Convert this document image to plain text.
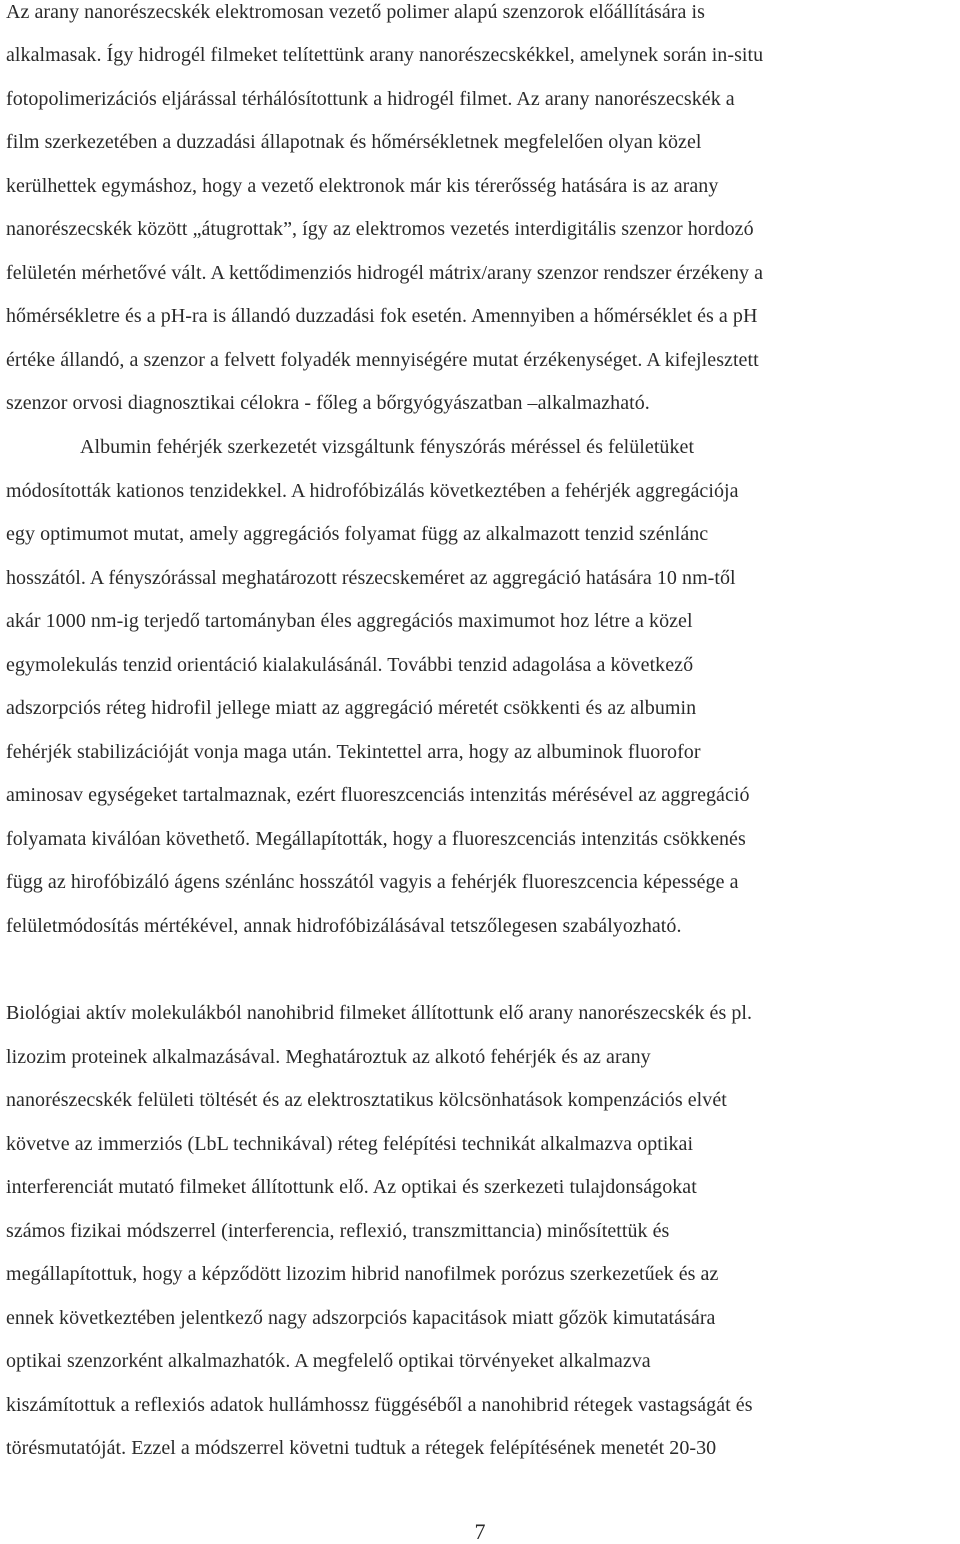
Az arany nanorészecskék elektromosan vezető polimer alapú szenzorok előállítására is
alkalmasak. Így hidrogél filmeket telítettünk arany nanorészecskékkel, amelynek során in-situ
fotopolimerizációs eljárással térhálósítottunk a hidrogél filmet. Az arany nanorészecskék a
film szerkezetében a duzzadási állapotnak és hőmérsékletnek megfelelően olyan közel
kerülhettek egymáshoz, hogy a vezető elektronok már kis térerősség hatására is az arany
nanorészecskék között „átugrottak”, így az elektromos vezetés interdigitális szenzor hordozó
felületén mérhetővé vált. A kettődimenziós hidrogél mátrix/arany szenzor rendszer érzékeny a
hőmérsékletre és a pH-ra is állandó duzzadási fok esetén. Amennyiben a hőmérséklet és a pH
értéke állandó, a szenzor a felvett folyadék mennyiségére mutat érzékenységet. A kifejlesztett
szenzor orvosi diagnosztikai célokra - főleg a bőrgyógyászatban –alkalmazható.
Albumin fehérjék szerkezetét vizsgáltunk fényszórás méréssel és felületüket
módosították kationos tenzidekkel. A hidrofóbizálás következtében a fehérjék aggregációja
egy optimumot mutat, amely aggregációs folyamat függ az alkalmazott tenzid szénlánc
hosszától. A fényszórással meghatározott részecskeméret az aggregáció hatására 10 nm-től
akár 1000 nm-ig terjedő tartományban éles aggregációs maximumot hoz létre a közel
egymolekulás tenzid orientáció kialakulásánál. További tenzid adagolása a következő
adszorpciós réteg hidrofil jellege miatt az aggregáció méretét csökkenti és az albumin
fehérjék stabilizációját vonja maga után. Tekintettel arra, hogy az albuminok fluorofor
aminosav egységeket tartalmaznak, ezért fluoreszcenciás intenzitás mérésével az aggregáció
folyamata kiválóan követhető. Megállapították, hogy a fluoreszcenciás intenzitás csökkenés
függ az hirofóbizáló ágens szénlánc hosszától vagyis a fehérjék fluoreszcencia képessége a
felületmódosítás mértékével, annak hidrofóbizálásával tetszőlegesen szabályozható.
Biológiai aktív molekulákból nanohibrid filmeket állítottunk elő arany nanorészecskék és pl.
lizozim proteinek alkalmazásával. Meghatároztuk az alkotó fehérjék és az arany
nanorészecskék felületi töltését és az elektrosztatikus kölcsönhatások kompenzációs elvét
követve az immerziós (LbL technikával) réteg felépítési technikát alkalmazva optikai
interferenciát mutató filmeket állítottunk elő. Az optikai és szerkezeti tulajdonságokat
számos fizikai módszerrel (interferencia, reflexió, transzmittancia) minősítettük és
megállapítottuk, hogy a képződött lizozim hibrid nanofilmek porózus szerkezetűek és az
ennek következtében jelentkező nagy adszorpciós kapacitások miatt gőzök kimutatására
optikai szenzorként alkalmazhatók. A megfelelő optikai törvényeket alkalmazva
kiszámítottuk a reflexiós adatok hullámhossz függéséből a nanohibrid rétegek vastagságát és
törésmutatóját. Ezzel a módszerrel követni tudtuk a rétegek felépítésének menetét 20-30
7
